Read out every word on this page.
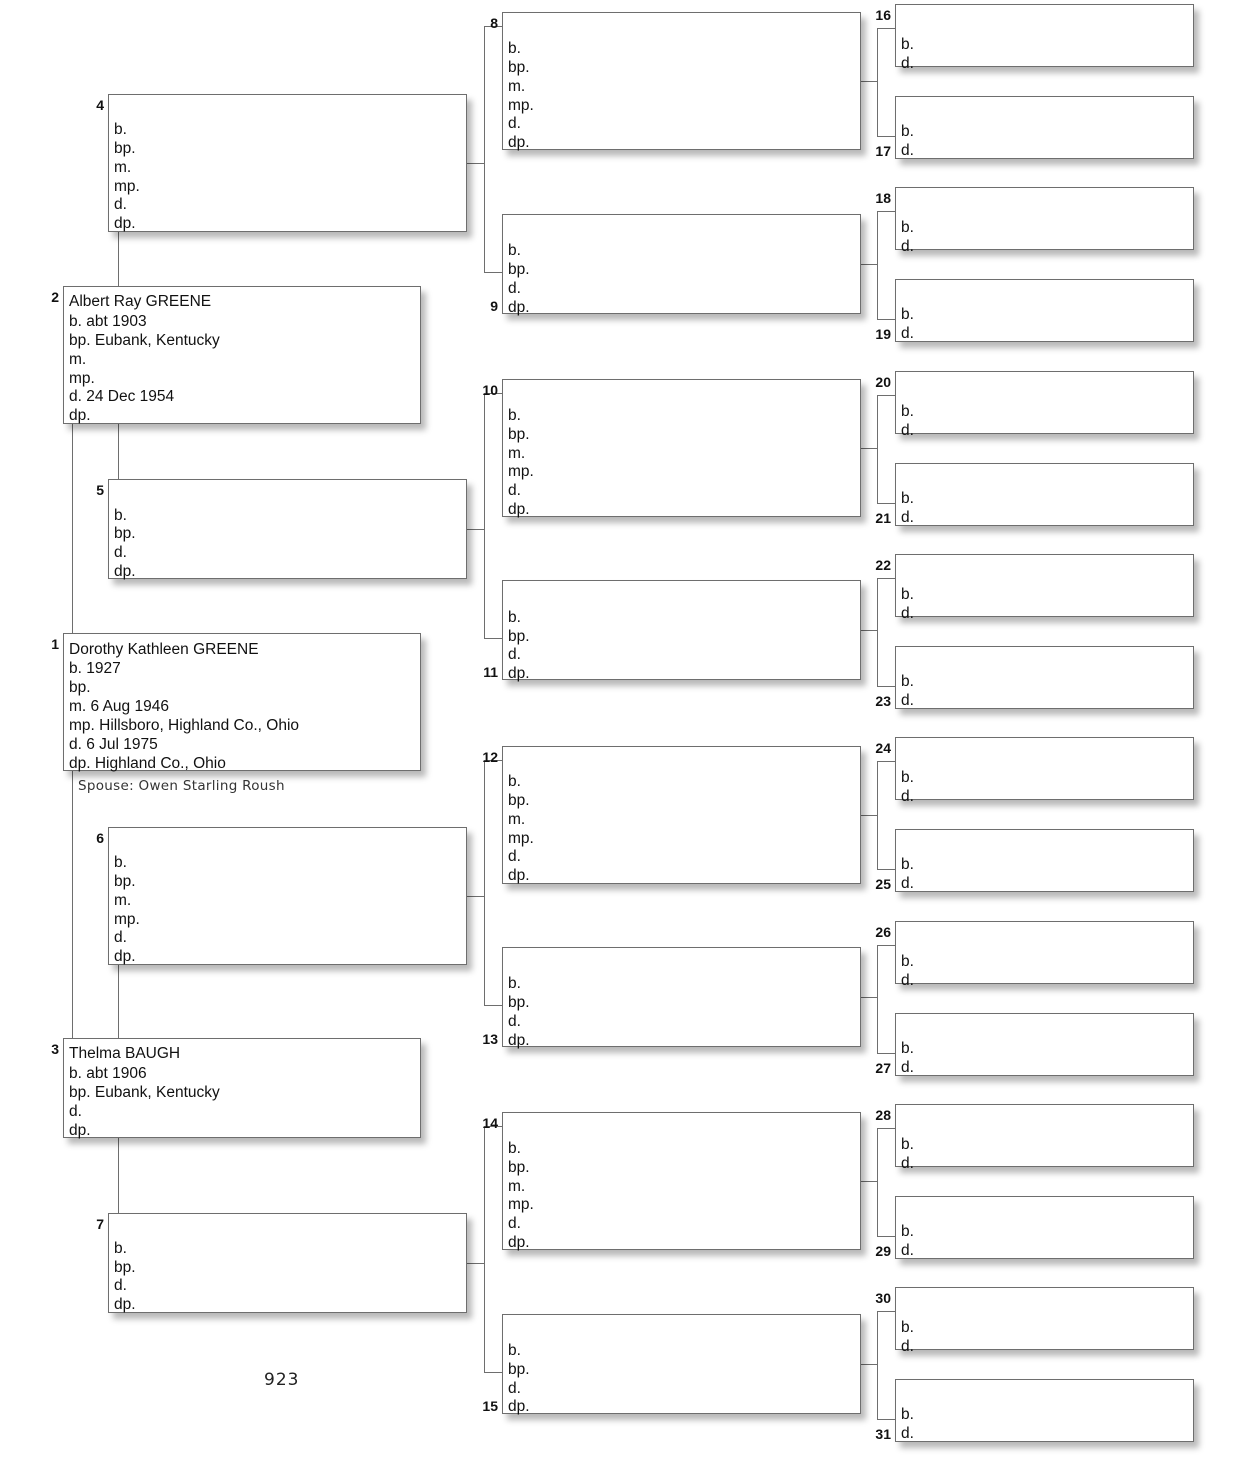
Dorothy Kathleen GREENE
b. 1927
bp.
m. 6 Aug 1946
mp. Hillsboro, Highland Co., Ohio
d. 6 Jul 1975
dp. Highland Co., Ohio
1
Albert Ray GREENE
b. abt 1903
bp. Eubank, Kentucky
m.
mp.
d. 24 Dec 1954
dp.
2
Thelma BAUGH
b. abt 1906
bp. Eubank, Kentucky
d.
dp.
3
b.
bp.
m.
mp.
d.
dp.
4
b.
bp.
d.
dp.
5
b.
bp.
m.
mp.
d.
dp.
6
b.
bp.
d.
dp.
7
b.
bp.
m.
mp.
d.
dp.
8
b.
bp.
d.
dp.
9
b.
bp.
m.
mp.
d.
dp.
10
b.
bp.
d.
dp.
11
b.
bp.
m.
mp.
d.
dp.
12
b.
bp.
d.
dp.
13
b.
bp.
m.
mp.
d.
dp.
14
b.
bp.
d.
dp.
15
b.
d.
16
b.
d.
17
b.
d.
18
b.
d.
19
b.
d.
20
b.
d.
21
b.
d.
22
b.
d.
23
b.
d.
24
b.
d.
25
b.
d.
26
b.
d.
27
b.
d.
28
b.
d.
29
b.
d.
30
b.
d.
31
Spouse: Owen Starling Roush
923
